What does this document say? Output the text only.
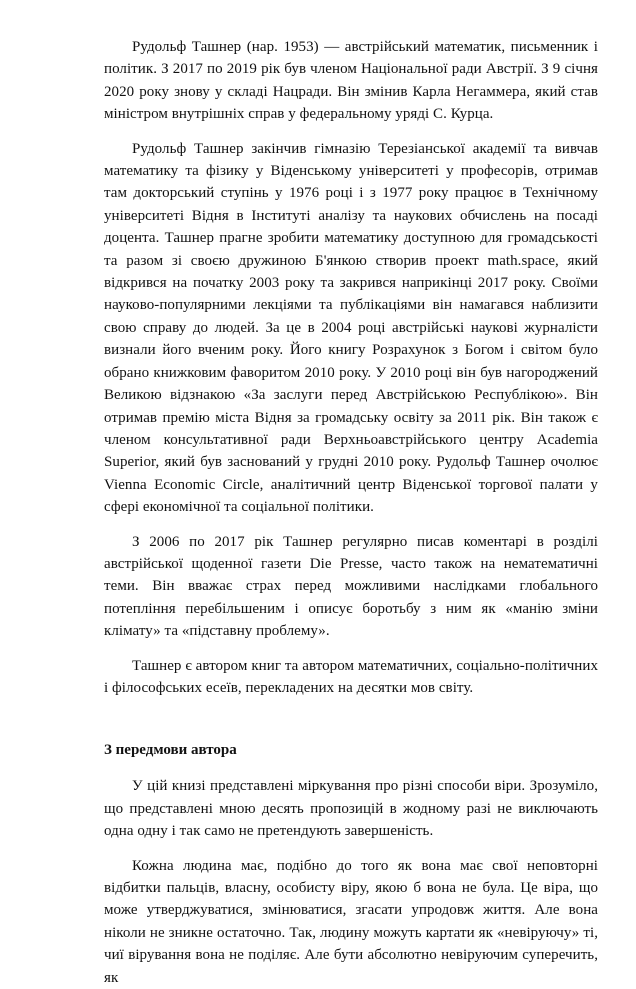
Рудольф Ташнер (нар. 1953) — австрійський математик, письменник і політик. З 2017 по 2019 рік був членом Національної ради Австрії. З 9 січня 2020 року знову у складі Нацради. Він змінив Карла Негаммера, який став міністром внутрішніх справ у федеральному уряді С. Курца.

Рудольф Ташнер закінчив гімназію Терезіанської академії та вивчав математику та фізику у Віденському університеті у професорів, отримав там докторський ступінь у 1976 році і з 1977 року працює в Технічному університеті Відня в Інституті аналізу та наукових обчислень на посаді доцента. Ташнер прагне зробити математику доступною для громадськості та разом зі своєю дружиною Б'янкою створив проект math.space, який відкрився на початку 2003 року та закрився наприкінці 2017 року. Своїми науково-популярними лекціями та публікаціями він намагався наблизити свою справу до людей. За це в 2004 році австрійські наукові журналісти визнали його вченим року. Його книгу Розрахунок з Богом і світом було обрано книжковим фаворитом 2010 року. У 2010 році він був нагороджений Великою відзнакою «За заслуги перед Австрійською Республікою». Він отримав премію міста Відня за громадську освіту за 2011 рік. Він також є членом консультативної ради Верхньоавстрійського центру Academia Superior, який був заснований у грудні 2010 року. Рудольф Ташнер очолює Vienna Economic Circle, аналітичний центр Віденської торгової палати у сфері економічної та соціальної політики.

З 2006 по 2017 рік Ташнер регулярно писав коментарі в розділі австрійської щоденної газети Die Presse, часто також на нематематичні теми. Він вважає страх перед можливими наслідками глобального потепління перебільшеним і описує боротьбу з ним як «манію зміни клімату» та «підставну проблему».

Ташнер є автором книг та автором математичних, соціально-політичних і філософських есеїв, перекладених на десятки мов світу.

З передмови автора

У цій книзі представлені міркування про різні способи віри. Зрозуміло, що представлені мною десять пропозицій в жодному разі не виключають одна одну і так само не претендують завершеність.

Кожна людина має, подібно до того як вона має свої неповторні відбитки пальців, власну, особисту віру, якою б вона не була. Це віра, що може утверджуватися, змінюватися, згасати упродовж життя. Але вона ніколи не зникне остаточно. Так, людину можуть картати як «невіруючу» ті, чиї вірування вона не поділяє. Але бути абсолютно невіруючим суперечить, як
